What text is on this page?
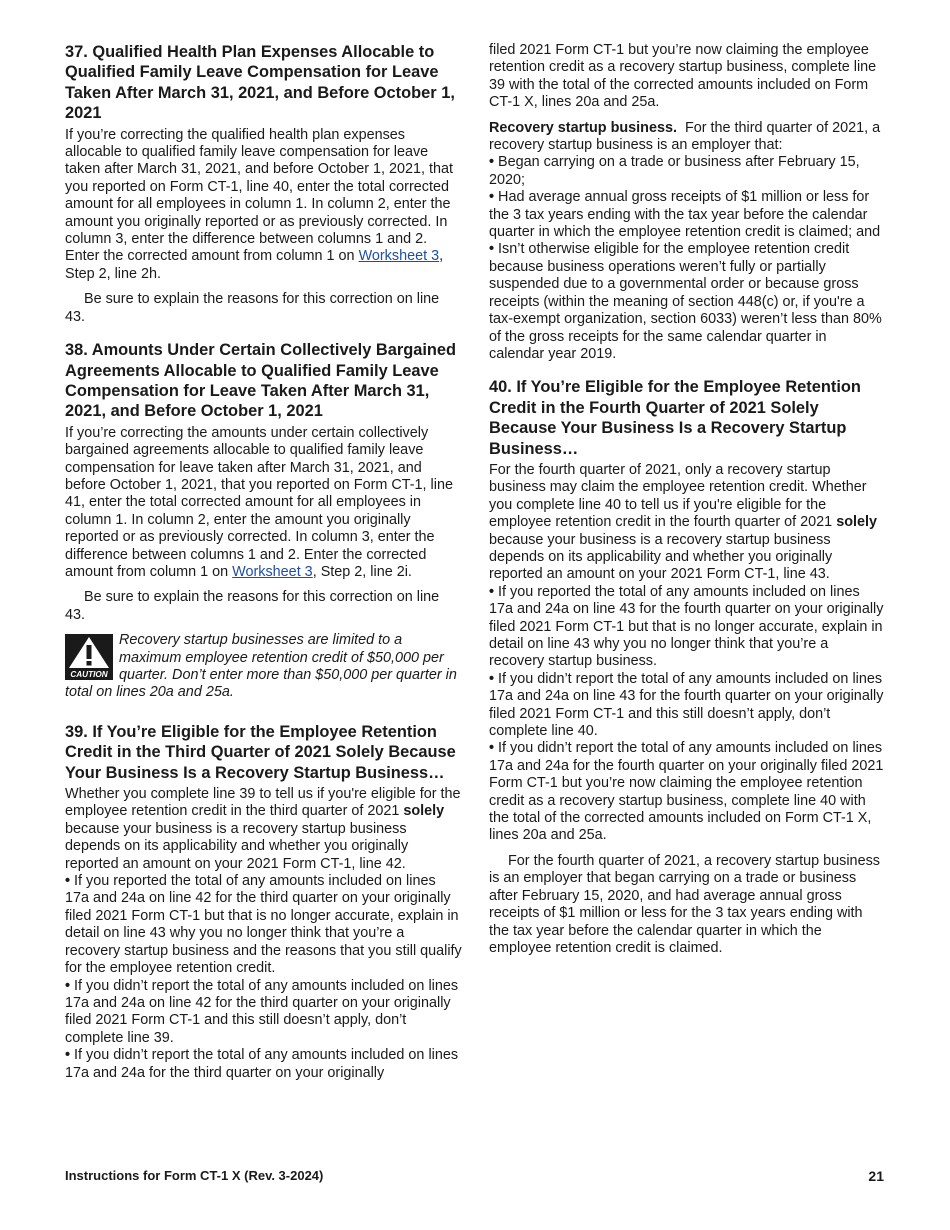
37. Qualified Health Plan Expenses Allocable to Qualified Family Leave Compensation for Leave Taken After March 31, 2021, and Before October 1, 2021

If you’re correcting the qualified health plan expenses allocable to qualified family leave compensation for leave taken after March 31, 2021, and before October 1, 2021, that you reported on Form CT-1, line 40, enter the total corrected amount for all employees in column 1. In column 2, enter the amount you originally reported or as previously corrected. In column 3, enter the difference between columns 1 and 2. Enter the corrected amount from column 1 on Worksheet 3, Step 2, line 2h.

Be sure to explain the reasons for this correction on line 43.

38. Amounts Under Certain Collectively Bargained Agreements Allocable to Qualified Family Leave Compensation for Leave Taken After March 31, 2021, and Before October 1, 2021

If you’re correcting the amounts under certain collectively bargained agreements allocable to qualified family leave compensation for leave taken after March 31, 2021, and before October 1, 2021, that you reported on Form CT-1, line 41, enter the total corrected amount for all employees in column 1. In column 2, enter the amount you originally reported or as previously corrected. In column 3, enter the difference between columns 1 and 2. Enter the corrected amount from column 1 on Worksheet 3, Step 2, line 2i.

Be sure to explain the reasons for this correction on line 43.

CAUTION
Recovery startup businesses are limited to a maximum employee retention credit of $50,000 per quarter. Don’t enter more than $50,000 per quarter in total on lines 20a and 25a.
39. If You’re Eligible for the Employee Retention Credit in the Third Quarter of 2021 Solely Because Your Business Is a Recovery Startup Business…

Whether you complete line 39 to tell us if you're eligible for the employee retention credit in the third quarter of 2021 solely because your business is a recovery startup business depends on its applicability and whether you originally reported an amount on your 2021 Form CT-1, line 42.

• If you reported the total of any amounts included on lines 17a and 24a on line 42 for the third quarter on your originally filed 2021 Form CT-1 but that is no longer accurate, explain in detail on line 43 why you no longer think that you’re a recovery startup business and the reasons that you still qualify for the employee retention credit.

• If you didn’t report the total of any amounts included on lines 17a and 24a on line 42 for the third quarter on your originally filed 2021 Form CT-1 and this still doesn’t apply, don’t complete line 39.

• If you didn’t report the total of any amounts included on lines 17a and 24a for the third quarter on your originally

filed 2021 Form CT-1 but you’re now claiming the employee retention credit as a recovery startup business, complete line 39 with the total of the corrected amounts included on Form CT-1 X, lines 20a and 25a.

Recovery startup business. For the third quarter of 2021, a recovery startup business is an employer that:

• Began carrying on a trade or business after February 15, 2020;

• Had average annual gross receipts of $1 million or less for the 3 tax years ending with the tax year before the calendar quarter in which the employee retention credit is claimed; and

• Isn’t otherwise eligible for the employee retention credit because business operations weren’t fully or partially suspended due to a governmental order or because gross receipts (within the meaning of section 448(c) or, if you're a tax-exempt organization, section 6033) weren’t less than 80% of the gross receipts for the same calendar quarter in calendar year 2019.

40. If You’re Eligible for the Employee Retention Credit in the Fourth Quarter of 2021 Solely Because Your Business Is a Recovery Startup Business…

For the fourth quarter of 2021, only a recovery startup business may claim the employee retention credit. Whether you complete line 40 to tell us if you're eligible for the employee retention credit in the fourth quarter of 2021 solely because your business is a recovery startup business depends on its applicability and whether you originally reported an amount on your 2021 Form CT-1, line 43.

• If you reported the total of any amounts included on lines 17a and 24a on line 43 for the fourth quarter on your originally filed 2021 Form CT-1 but that is no longer accurate, explain in detail on line 43 why you no longer think that you’re a recovery startup business.

• If you didn’t report the total of any amounts included on lines 17a and 24a on line 43 for the fourth quarter on your originally filed 2021 Form CT-1 and this still doesn’t apply, don’t complete line 40.

• If you didn’t report the total of any amounts included on lines 17a and 24a for the fourth quarter on your originally filed 2021 Form CT-1 but you’re now claiming the employee retention credit as a recovery startup business, complete line 40 with the total of the corrected amounts included on Form CT-1 X, lines 20a and 25a.

For the fourth quarter of 2021, a recovery startup business is an employer that began carrying on a trade or business after February 15, 2020, and had average annual gross receipts of $1 million or less for the 3 tax years ending with the tax year before the calendar quarter in which the employee retention credit is claimed.

Instructions for Form CT-1 X (Rev. 3-2024)	21
